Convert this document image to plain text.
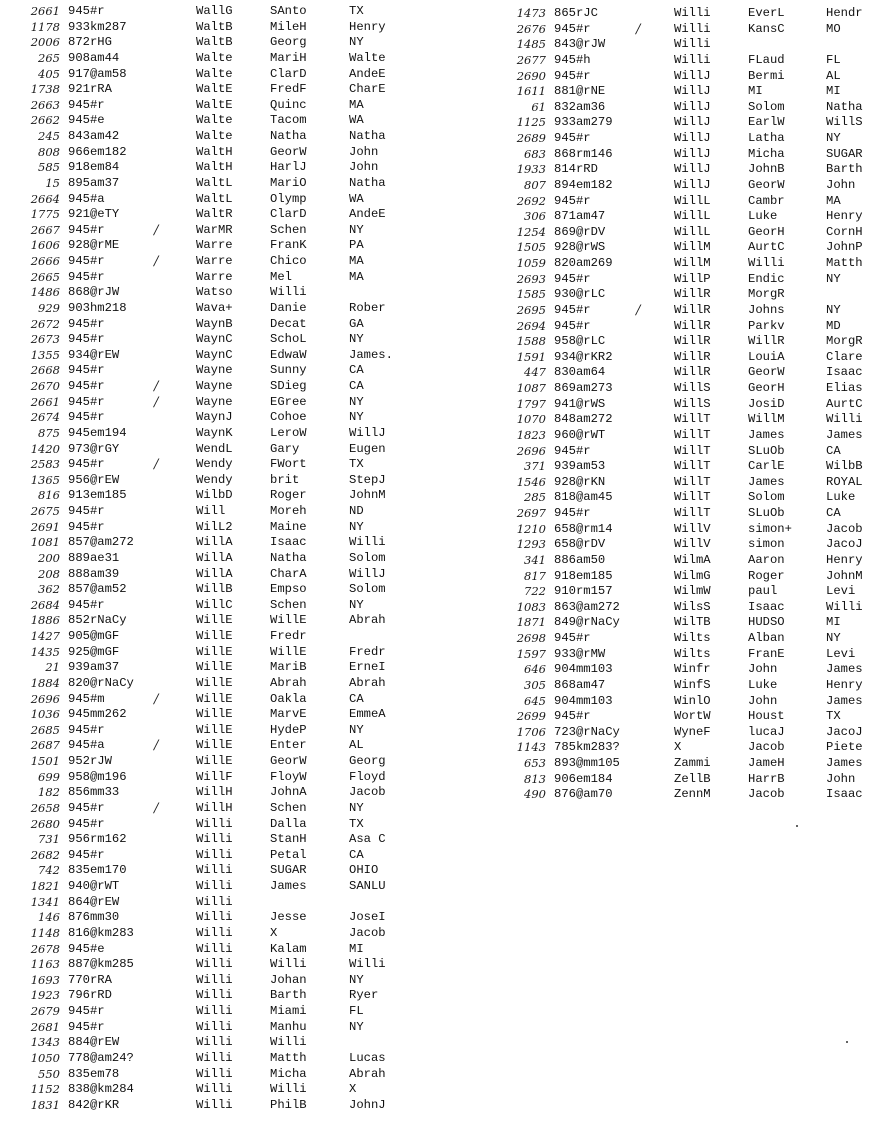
2661 945#r	WallG	SAnto	TX
1178 933km287	WaltB	MileH	Henry
2006 872rHG	WaltB	Georg	NY
265 908am44	Walte	MariH	Walte
405 917@am58	Walte	ClarD	AndeE
1738 921rRA	WaltE	FredF	CharE
2663 945#r	WaltE	Quinc	MA
2662 945#e	Walte	Tacom	WA
245 843am42	Walte	Natha	Natha
808 966em182	WaltH	GeorW	John
585 918em84	WaltH	HarlJ	John
15 895am37	WaltL	MariO	Natha
2664 945#a	WaltL	Olymp	WA
1775 921@eTY	WaltR	ClarD	AndeE
2667 945#r	/	WarMR	Schen	NY
1606 928@rME	Warre	FranK	PA
2666 945#r	/	Warre	Chico	MA
2665 945#r	Warre	Mel	MA
1486 868@rJW	Watso	Willi
929 903hm218	Wava+	Danie	Rober
2672 945#r	WaynB	Decat	GA
2673 945#r	WaynC	SchoL	NY
1355 934@rEW	WaynC	EdwaW	James.
2668 945#r	Wayne	Sunny	CA
2670 945#r	/	Wayne	SDieg	CA
2661 945#r	/	Wayne	EGree	NY
2674 945#r	WaynJ	Cohoe	NY
875 945em194	WaynK	LeroW	WillJ
1420 973@rGY	WendL	Gary	Eugen
2583 945#r	/	Wendy	FWort	TX
1365 956@rEW	Wendy	brit	StepJ
816 913em185	WilbD	Roger	JohnM
2675 945#r	Will	Moreh	ND
2691 945#r	WilL2	Maine	NY
1081 857@am272	WillA	Isaac	Willi
200 889ae31	WillA	Natha	Solom
208 888am39	WillA	CharA	WillJ
362 857@am52	WillB	Empso	Solom
2684 945#r	WillC	Schen	NY
1886 852rNaCy	WillE	WillE	Abrah
1427 905@mGF	WillE	Fredr
1435 925@mGF	WillE	WillE	Fredr
21 939am37	WillE	MariB	ErneI
1884 820@rNaCy	WillE	Abrah	Abrah
2696 945#m	/	WillE	Oakla	CA
1036 945mm262	WillE	MarvE	EmmeA
2685 945#r	WillE	HydeP	NY
2687 945#a	/	WillE	Enter	AL
1501 952rJW	WillE	GeorW	Georg
699 958@m196	WillF	FloyW	Floyd
182 856mm33	WillH	JohnA	Jacob
2658 945#r	/	WillH	Schen	NY
2680 945#r	Willi	Dalla	TX
731 956rm162	Willi	StanH	Asa C
2682 945#r	Willi	Petal	CA
742 835em170	Willi	SUGAR	OHIO
1821 940@rWT	Willi	James	SANLU
1341 864@rEW	Willi
146 876mm30	Willi	Jesse	JoseI
1148 816@km283	Willi	X	Jacob
2678 945#e	Willi	Kalam	MI
1163 887@km285	Willi	Willi	Willi
1693 770rRA	Willi	Johan	NY
1923 796rRD	Willi	Barth	Ryer
2679 945#r	Willi	Miami	FL
2681 945#r	Willi	Manhu	NY
1343 884@rEW	Willi	Willi
1050 778@am24?	Willi	Matth	Lucas
550 835em78	Willi	Micha	Abrah
1152 838@km284	Willi	Willi	X
1831 842@rKR	Willi	PhilB	JohnJ
1473 865rJC	Willi	EverL	Hendr
2676 945#r	/	Willi	KansC	MO
1485 843@rJW	Willi
2677 945#h	Willi	FLaud	FL
2690 945#r	WillJ	Bermi	AL
1611 881@rNE	WillJ	MI	MI
61 832am36	WillJ	Solom	Natha
1125 933am279	WillJ	EarlW	WillS
2689 945#r	WillJ	Latha	NY
683 868rm146	WillJ	Micha	SUGAR
1933 814rRD	WillJ	JohnB	Barth
807 894em182	WillJ	GeorW	John
2692 945#r	WillL	Cambr	MA
306 871am47	WillL	Luke	Henry
1254 869@rDV	WillL	GeorH	CornH
1505 928@rWS	WillM	AurtC	JohnP
1059 820am269	WillM	Willi	Matth
2693 945#r	WillP	Endic	NY
1585 930@rLC	WillR	MorgR
2695 945#r	/	WillR	Johns	NY
2694 945#r	WillR	Parkv	MD
1588 958@rLC	WillR	WillR	MorgR
1591 934@rKR2	WillR	LouiA	Clare
447 830am64	WillR	GeorW	Isaac
1087 869am273	WillS	GeorH	Elias
1797 941@rWS	WillS	JosiD	AurtC
1070 848am272	WillT	WillM	Willi
1823 960@rWT	WillT	James	James
2696 945#r	WillT	SLuOb	CA
371 939am53	WillT	CarlE	WilbB
1546 928@rKN	WillT	James	ROYAL
285 818@am45	WillT	Solom	Luke
2697 945#r	WillT	SLuOb	CA
1210 658@rm14	WillV	simon+	Jacob
1293 658@rDV	WillV	simon	JacoJ
341 886am50	WilmA	Aaron	Henry
817 918em185	WilmG	Roger	JohnM
722 910rm157	WilmW	paul	Levi
1083 863@am272	WilsS	Isaac	Willi
1871 849@rNaCy	WilTB	HUDSO	MI
2698 945#r	Wilts	Alban	NY
1597 933@rMW	Wilts	FranE	Levi
646 904mm103	Winfr	John	James
305 868am47	WinfS	Luke	Henry
645 904mm103	WinlO	John	James
2699 945#r	WortW	Houst	TX
1706 723@rNaCy	WyneF	lucaJ	JacoJ
1143 785km283?	X	Jacob	Piete
653 893@mm105	Zammi	JameH	James
813 906em184	ZellB	HarrB	John
490 876@am70	ZennM	Jacob	Isaac
